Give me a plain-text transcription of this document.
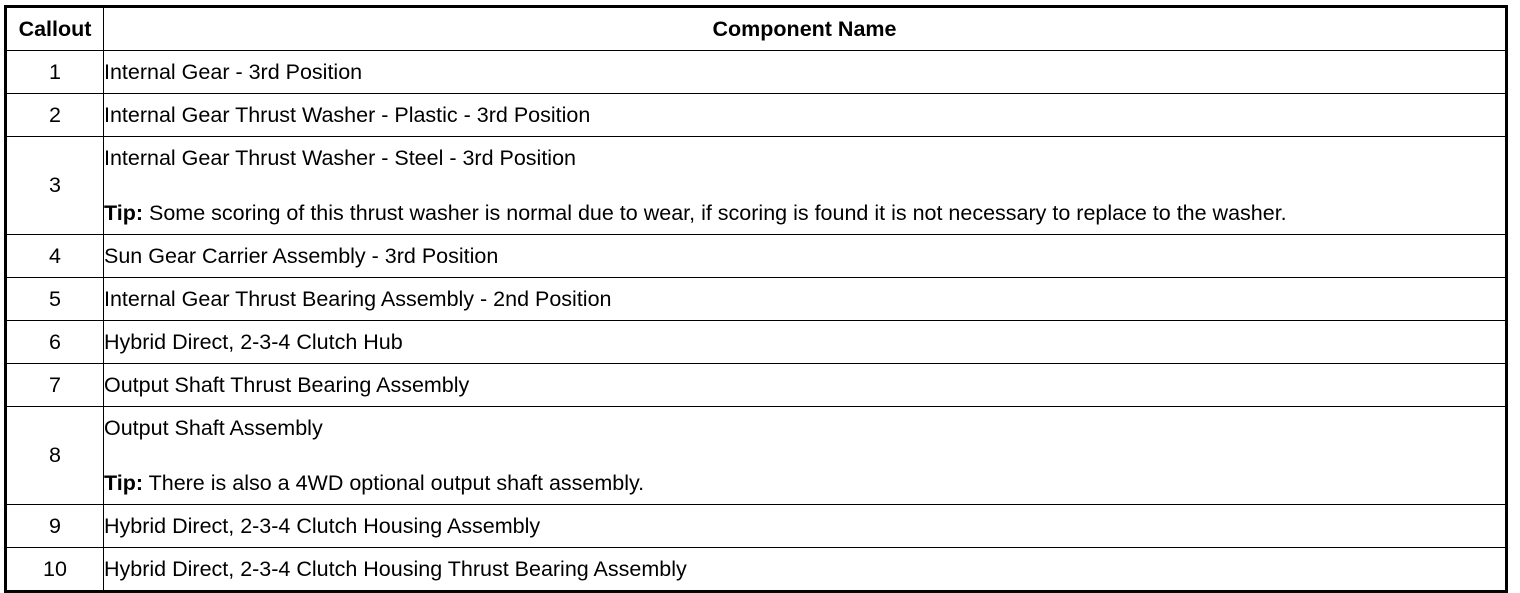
Callout	Component Name
1	Internal Gear - 3rd Position

2	Internal Gear Thrust Washer - Plastic - 3rd Position

3	Internal Gear Thrust Washer - Steel - 3rd Position
Tip: Some scoring of this thrust washer is normal due to wear, if scoring is found it is not necessary to replace to the washer.

4	Sun Gear Carrier Assembly - 3rd Position

5	Internal Gear Thrust Bearing Assembly - 2nd Position

6	Hybrid Direct, 2-3-4 Clutch Hub

7	Output Shaft Thrust Bearing Assembly

8	Output Shaft Assembly
Tip: There is also a 4WD optional output shaft assembly.

9	Hybrid Direct, 2-3-4 Clutch Housing Assembly

10	Hybrid Direct, 2-3-4 Clutch Housing Thrust Bearing Assembly
